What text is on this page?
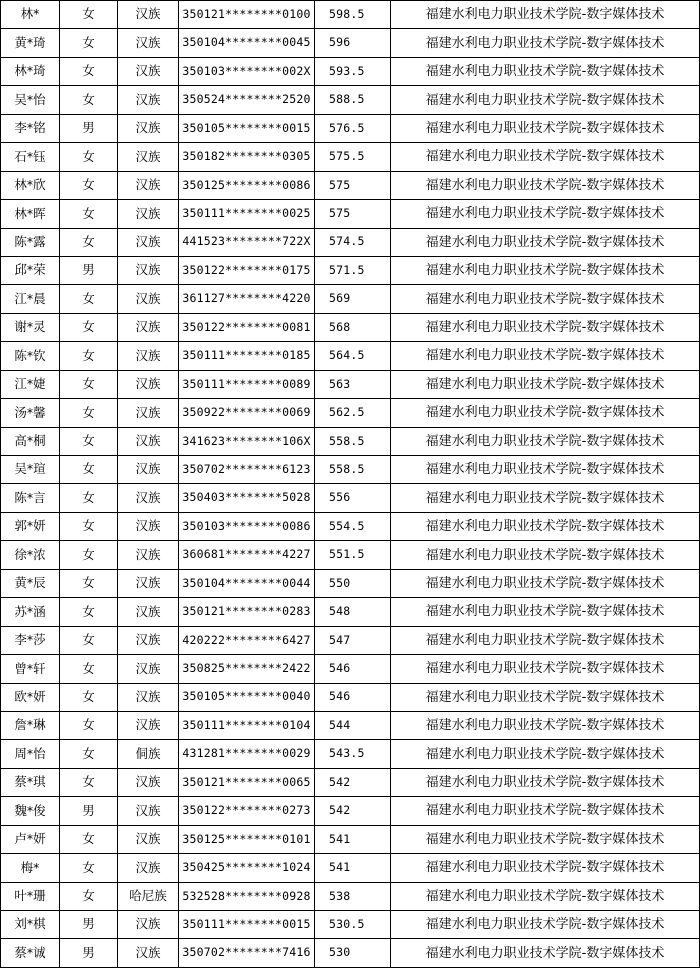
林*	女	汉族	350121********0100	598.5	福建水利电力职业技术学院-数字媒体技术
黄*琦	女	汉族	350104********0045	596	福建水利电力职业技术学院-数字媒体技术
林*琦	女	汉族	350103********002X	593.5	福建水利电力职业技术学院-数字媒体技术
吴*怡	女	汉族	350524********2520	588.5	福建水利电力职业技术学院-数字媒体技术
李*铭	男	汉族	350105********0015	576.5	福建水利电力职业技术学院-数字媒体技术
石*钰	女	汉族	350182********0305	575.5	福建水利电力职业技术学院-数字媒体技术
林*欣	女	汉族	350125********0086	575	福建水利电力职业技术学院-数字媒体技术
林*晖	女	汉族	350111********0025	575	福建水利电力职业技术学院-数字媒体技术
陈*露	女	汉族	441523********722X	574.5	福建水利电力职业技术学院-数字媒体技术
邱*荣	男	汉族	350122********0175	571.5	福建水利电力职业技术学院-数字媒体技术
江*晨	女	汉族	361127********4220	569	福建水利电力职业技术学院-数字媒体技术
谢*灵	女	汉族	350122********0081	568	福建水利电力职业技术学院-数字媒体技术
陈*钦	女	汉族	350111********0185	564.5	福建水利电力职业技术学院-数字媒体技术
江*婕	女	汉族	350111********0089	563	福建水利电力职业技术学院-数字媒体技术
汤*馨	女	汉族	350922********0069	562.5	福建水利电力职业技术学院-数字媒体技术
高*桐	女	汉族	341623********106X	558.5	福建水利电力职业技术学院-数字媒体技术
吴*瑄	女	汉族	350702********6123	558.5	福建水利电力职业技术学院-数字媒体技术
陈*言	女	汉族	350403********5028	556	福建水利电力职业技术学院-数字媒体技术
郭*妍	女	汉族	350103********0086	554.5	福建水利电力职业技术学院-数字媒体技术
徐*浓	女	汉族	360681********4227	551.5	福建水利电力职业技术学院-数字媒体技术
黄*辰	女	汉族	350104********0044	550	福建水利电力职业技术学院-数字媒体技术
苏*涵	女	汉族	350121********0283	548	福建水利电力职业技术学院-数字媒体技术
李*莎	女	汉族	420222********6427	547	福建水利电力职业技术学院-数字媒体技术
曾*轩	女	汉族	350825********2422	546	福建水利电力职业技术学院-数字媒体技术
欧*妍	女	汉族	350105********0040	546	福建水利电力职业技术学院-数字媒体技术
詹*琳	女	汉族	350111********0104	544	福建水利电力职业技术学院-数字媒体技术
周*怡	女	侗族	431281********0029	543.5	福建水利电力职业技术学院-数字媒体技术
蔡*琪	女	汉族	350121********0065	542	福建水利电力职业技术学院-数字媒体技术
魏*俊	男	汉族	350122********0273	542	福建水利电力职业技术学院-数字媒体技术
卢*妍	女	汉族	350125********0101	541	福建水利电力职业技术学院-数字媒体技术
梅*	女	汉族	350425********1024	541	福建水利电力职业技术学院-数字媒体技术
叶*珊	女	哈尼族	532528********0928	538	福建水利电力职业技术学院-数字媒体技术
刘*棋	男	汉族	350111********0015	530.5	福建水利电力职业技术学院-数字媒体技术
蔡*诚	男	汉族	350702********7416	530	福建水利电力职业技术学院-数字媒体技术
